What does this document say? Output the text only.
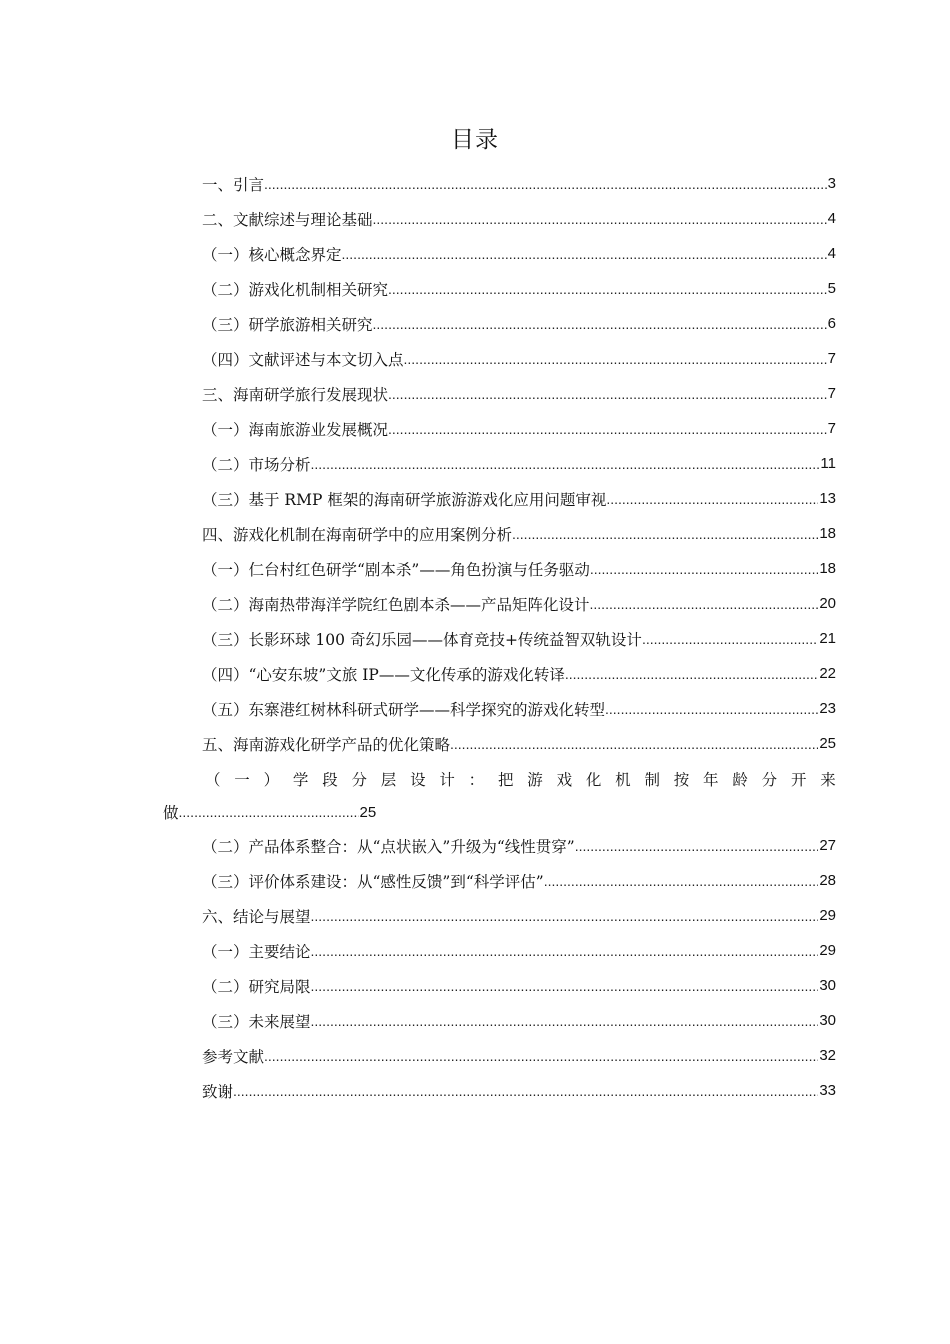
目录
一、引言 .....	3
二、文献综述与理论基础 .....	4
（一）核心概念界定 .....	4
（二）游戏化机制相关研究 .....	5
（三）研学旅游相关研究 .....	6
（四）文献评述与本文切入点 .....	7
三、海南研学旅行发展现状 .....	7
（一）海南旅游业发展概况 .....	7
（二）市场分析 .....	11
（三）基于 RMP 框架的海南研学旅游游戏化应用问题审视 .....	13
四、游戏化机制在海南研学中的应用案例分析 .....	18
（一）仁台村红色研学“剧本杀”——角色扮演与任务驱动 .....	18
（二）海南热带海洋学院红色剧本杀——产品矩阵化设计 .....	20
（三）长影环球 100 奇幻乐园——体育竞技+传统益智双轨设计 .....	21
（四）“心安东坡”文旅 IP——文化传承的游戏化转译 .....	22
（五）东寨港红树林科研式研学——科学探究的游戏化转型 .....	23
五、海南游戏化研学产品的优化策略 .....	25
（ 一 ） 学 段 分 层 设 计 ： 把 游 戏 化 机 制 按 年 龄 分 开 来
做 .....	25
（二）产品体系整合：从“点状嵌入”升级为“线性贯穿” .....	27
（三）评价体系建设：从“感性反馈”到“科学评估” .....	28
六、结论与展望 .....	29
（一）主要结论 .....	29
（二）研究局限 .....	30
（三）未来展望 .....	30
参考文献 .....	32
致谢 .....	33
